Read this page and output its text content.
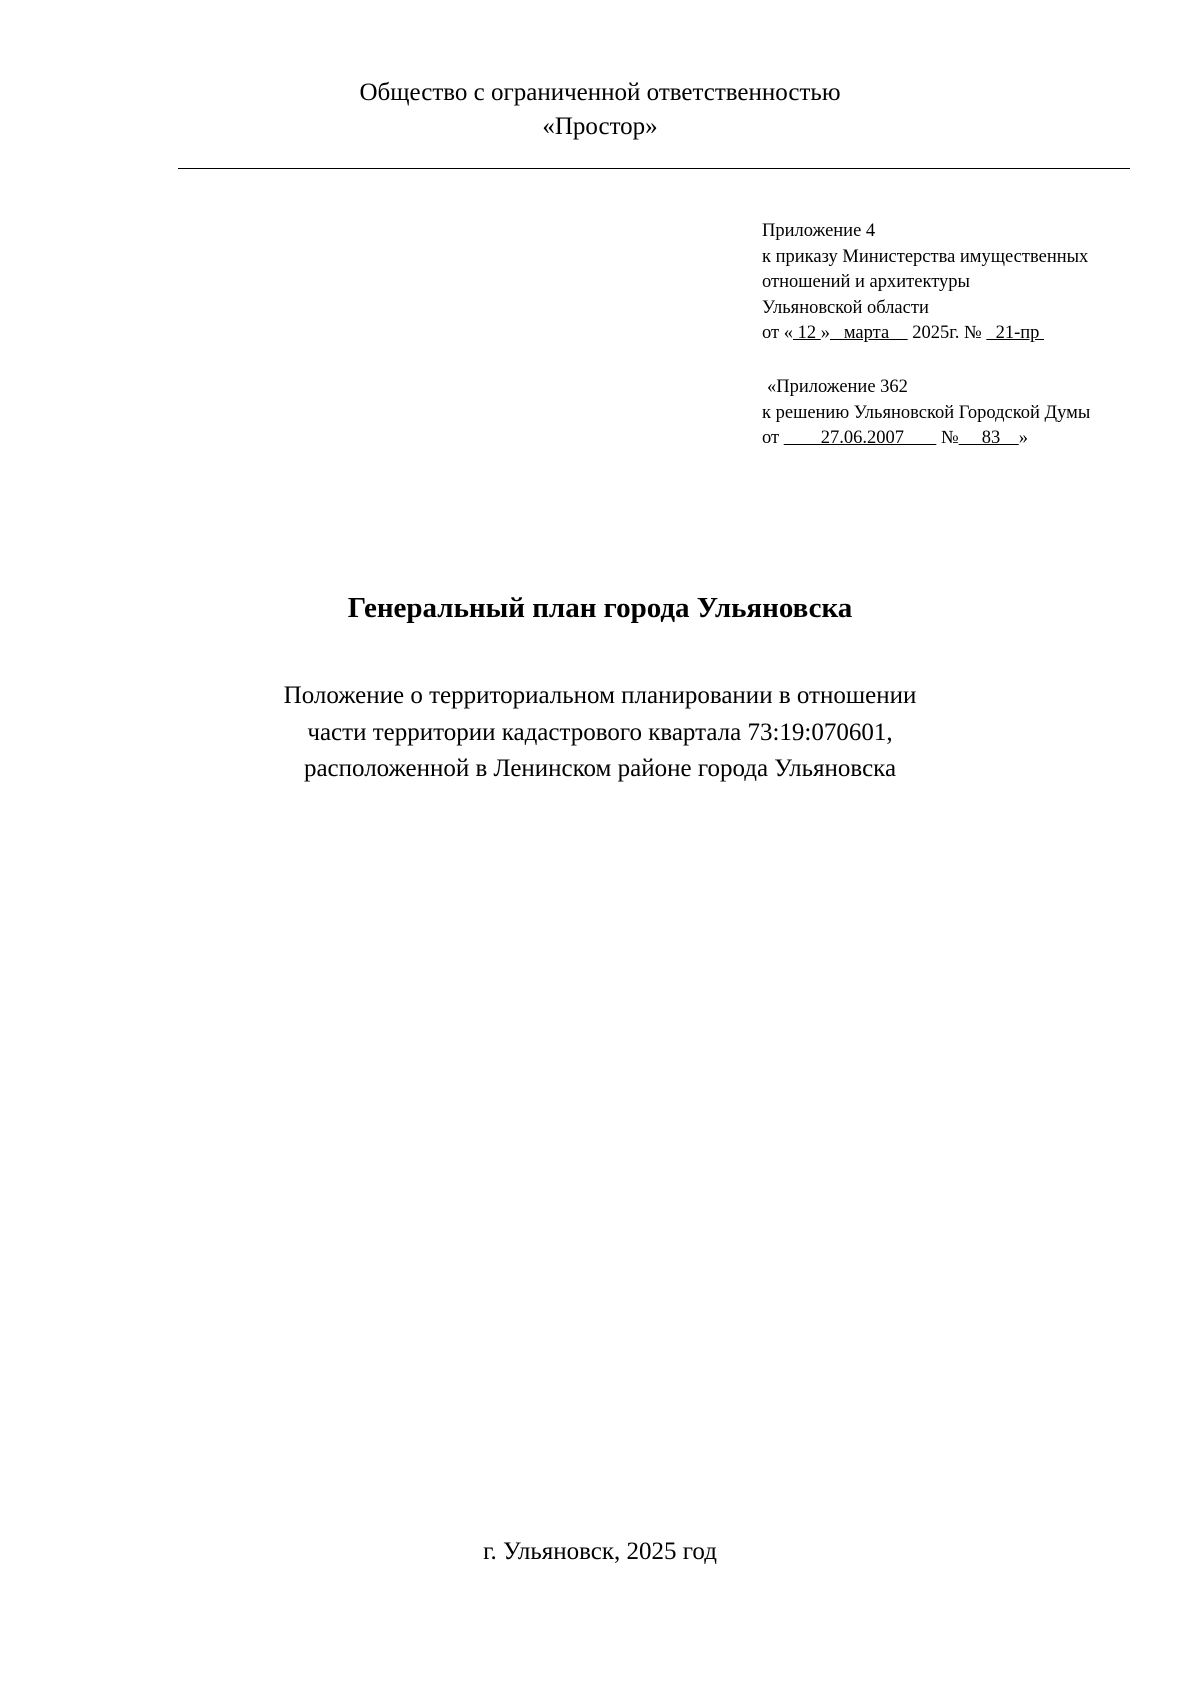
Общество с ограниченной ответственностью
«Простор»
Приложение 4
к приказу Министерства имущественных
отношений и архитектуры
Ульяновской области
от « 12 »   марта     2025г. №   21-пр
«Приложение 362
к решению Ульяновской Городской Думы
от         27.06.2007        №     83    »
Генеральный план города Ульяновска
Положение о территориальном планировании в отношении
части территории кадастрового квартала 73:19:070601,
расположенной в Ленинском районе города Ульяновска
г. Ульяновск, 2025 год
